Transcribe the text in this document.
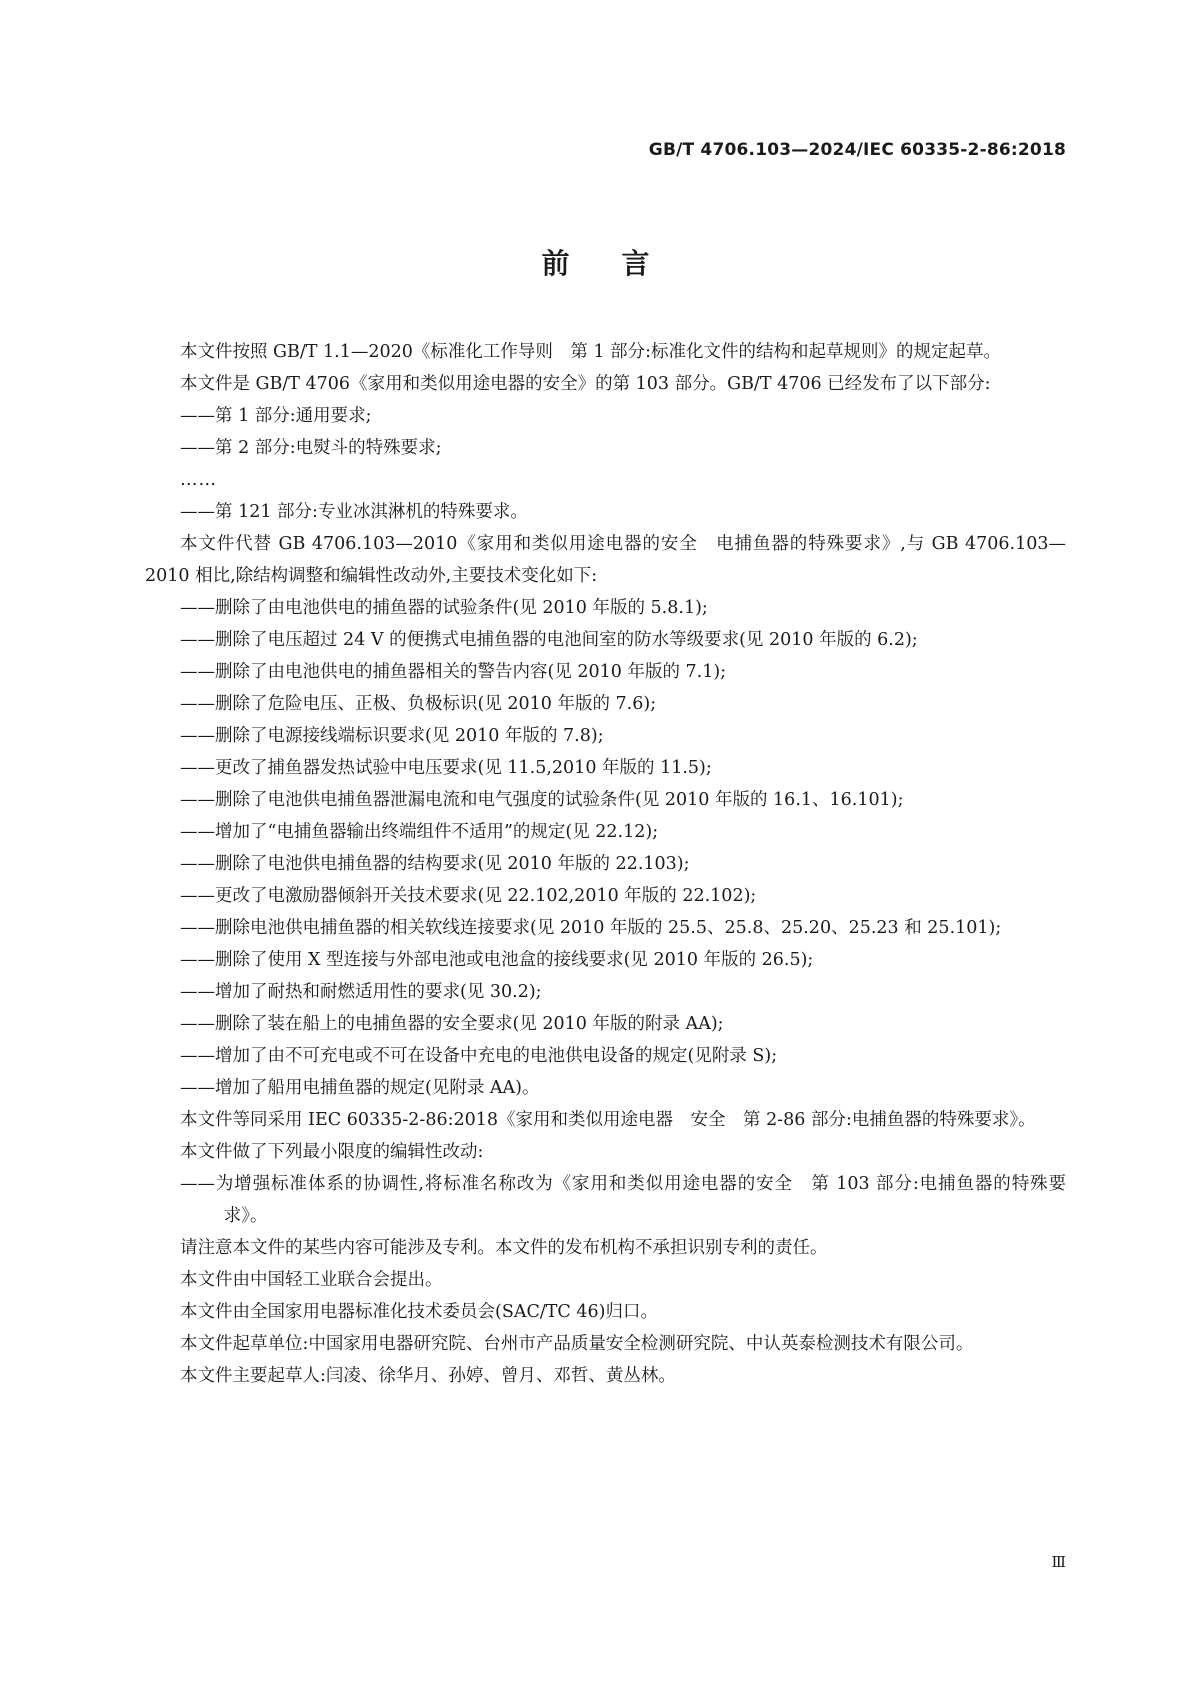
GB/T 4706.103—2024/IEC 60335-2-86:2018
前言

本文件按照 GB/T 1.1—2020《标准化工作导则　第 1 部分:标准化文件的结构和起草规则》的规定起草。

本文件是 GB/T 4706《家用和类似用途电器的安全》的第 103 部分。GB/T 4706 已经发布了以下部分:

——第 1 部分:通用要求;

——第 2 部分:电熨斗的特殊要求;

……

——第 121 部分:专业冰淇淋机的特殊要求。

本文件代替 GB 4706.103—2010《家用和类似用途电器的安全　电捕鱼器的特殊要求》,与 GB 4706.103—2010 相比,除结构调整和编辑性改动外,主要技术变化如下:

——删除了由电池供电的捕鱼器的试验条件(见 2010 年版的 5.8.1);

——删除了电压超过 24 V 的便携式电捕鱼器的电池间室的防水等级要求(见 2010 年版的 6.2);

——删除了由电池供电的捕鱼器相关的警告内容(见 2010 年版的 7.1);

——删除了危险电压、正极、负极标识(见 2010 年版的 7.6);

——删除了电源接线端标识要求(见 2010 年版的 7.8);

——更改了捕鱼器发热试验中电压要求(见 11.5,2010 年版的 11.5);

——删除了电池供电捕鱼器泄漏电流和电气强度的试验条件(见 2010 年版的 16.1、16.101);

——增加了“电捕鱼器输出终端组件不适用”的规定(见 22.12);

——删除了电池供电捕鱼器的结构要求(见 2010 年版的 22.103);

——更改了电激励器倾斜开关技术要求(见 22.102,2010 年版的 22.102);

——删除电池供电捕鱼器的相关软线连接要求(见 2010 年版的 25.5、25.8、25.20、25.23 和 25.101);

——删除了使用 X 型连接与外部电池或电池盒的接线要求(见 2010 年版的 26.5);

——增加了耐热和耐燃适用性的要求(见 30.2);

——删除了装在船上的电捕鱼器的安全要求(见 2010 年版的附录 AA);

——增加了由不可充电或不可在设备中充电的电池供电设备的规定(见附录 S);

——增加了船用电捕鱼器的规定(见附录 AA)。

本文件等同采用 IEC 60335-2-86:2018《家用和类似用途电器　安全　第 2-86 部分:电捕鱼器的特殊要求》。

本文件做了下列最小限度的编辑性改动:

——为增强标准体系的协调性,将标准名称改为《家用和类似用途电器的安全　第 103 部分:电捕鱼器的特殊要求》。

请注意本文件的某些内容可能涉及专利。本文件的发布机构不承担识别专利的责任。

本文件由中国轻工业联合会提出。

本文件由全国家用电器标准化技术委员会(SAC/TC 46)归口。

本文件起草单位:中国家用电器研究院、台州市产品质量安全检测研究院、中认英泰检测技术有限公司。

本文件主要起草人:闫凌、徐华月、孙婷、曾月、邓哲、黄丛林。

Ⅲ
